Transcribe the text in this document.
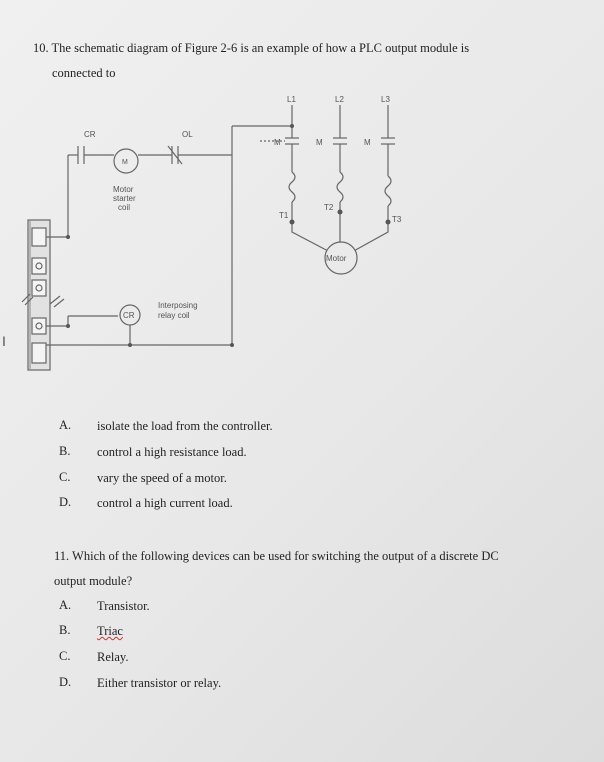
10. The schematic diagram of Figure 2-6 is an example of how a PLC output module is
connected to
CR	OL
M
Motor
starter
coil
CR
Interposing
relay coil
L1	L2	L3
M	M	M
T1
T2
T3
Motor
A. isolate the load from the controller.
B. control a high resistance load.
C. vary the speed of a motor.
D. control a high current load.
11. Which of the following devices can be used for switching the output of a discrete DC
output module?
A. Transistor.
B. Triac
C. Relay.
D. Either transistor or relay.
I
